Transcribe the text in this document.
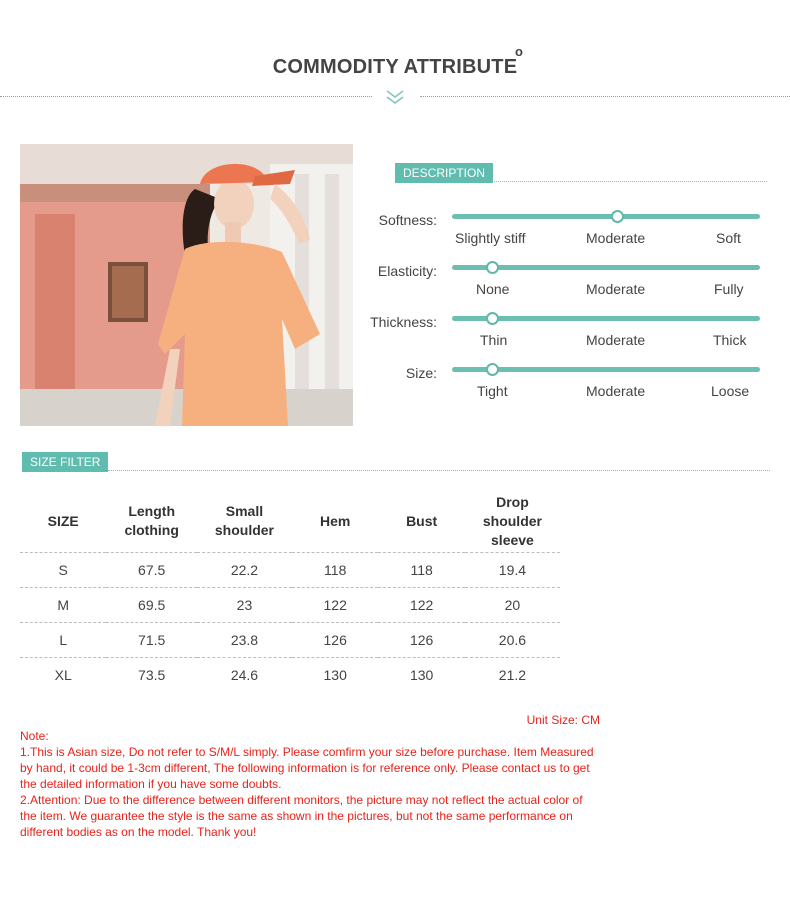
COMMODITY ATTRIBUTE
o
DESCRIPTION
Softness:
Slightly stiff	Moderate	Soft
Elasticity:
None	Moderate	Fully
Thickness:
Thin	Moderate	Thick
Size:
Tight	Moderate	Loose
SIZE FILTER
SIZE	Length clothing	Small shoulder	Hem	Bust	Drop shoulder sleeve
S	67.5	22.2	118	118	19.4
M	69.5	23	122	122	20
L	71.5	23.8	126	126	20.6
XL	73.5	24.6	130	130	21.2
Unit Size: CM
Note:
1.This is Asian size, Do not refer to S/M/L simply. Please comfirm your size before purchase. Item Measured by hand, it could be 1-3cm different, The following information is for reference only. Please contact us to get the detailed information if you have some doubts.
2.Attention: Due to the difference between different monitors, the picture may not reflect the actual color of the item. We guarantee the style is the same as shown in the pictures, but not the same performance on different bodies as on the model. Thank you!
